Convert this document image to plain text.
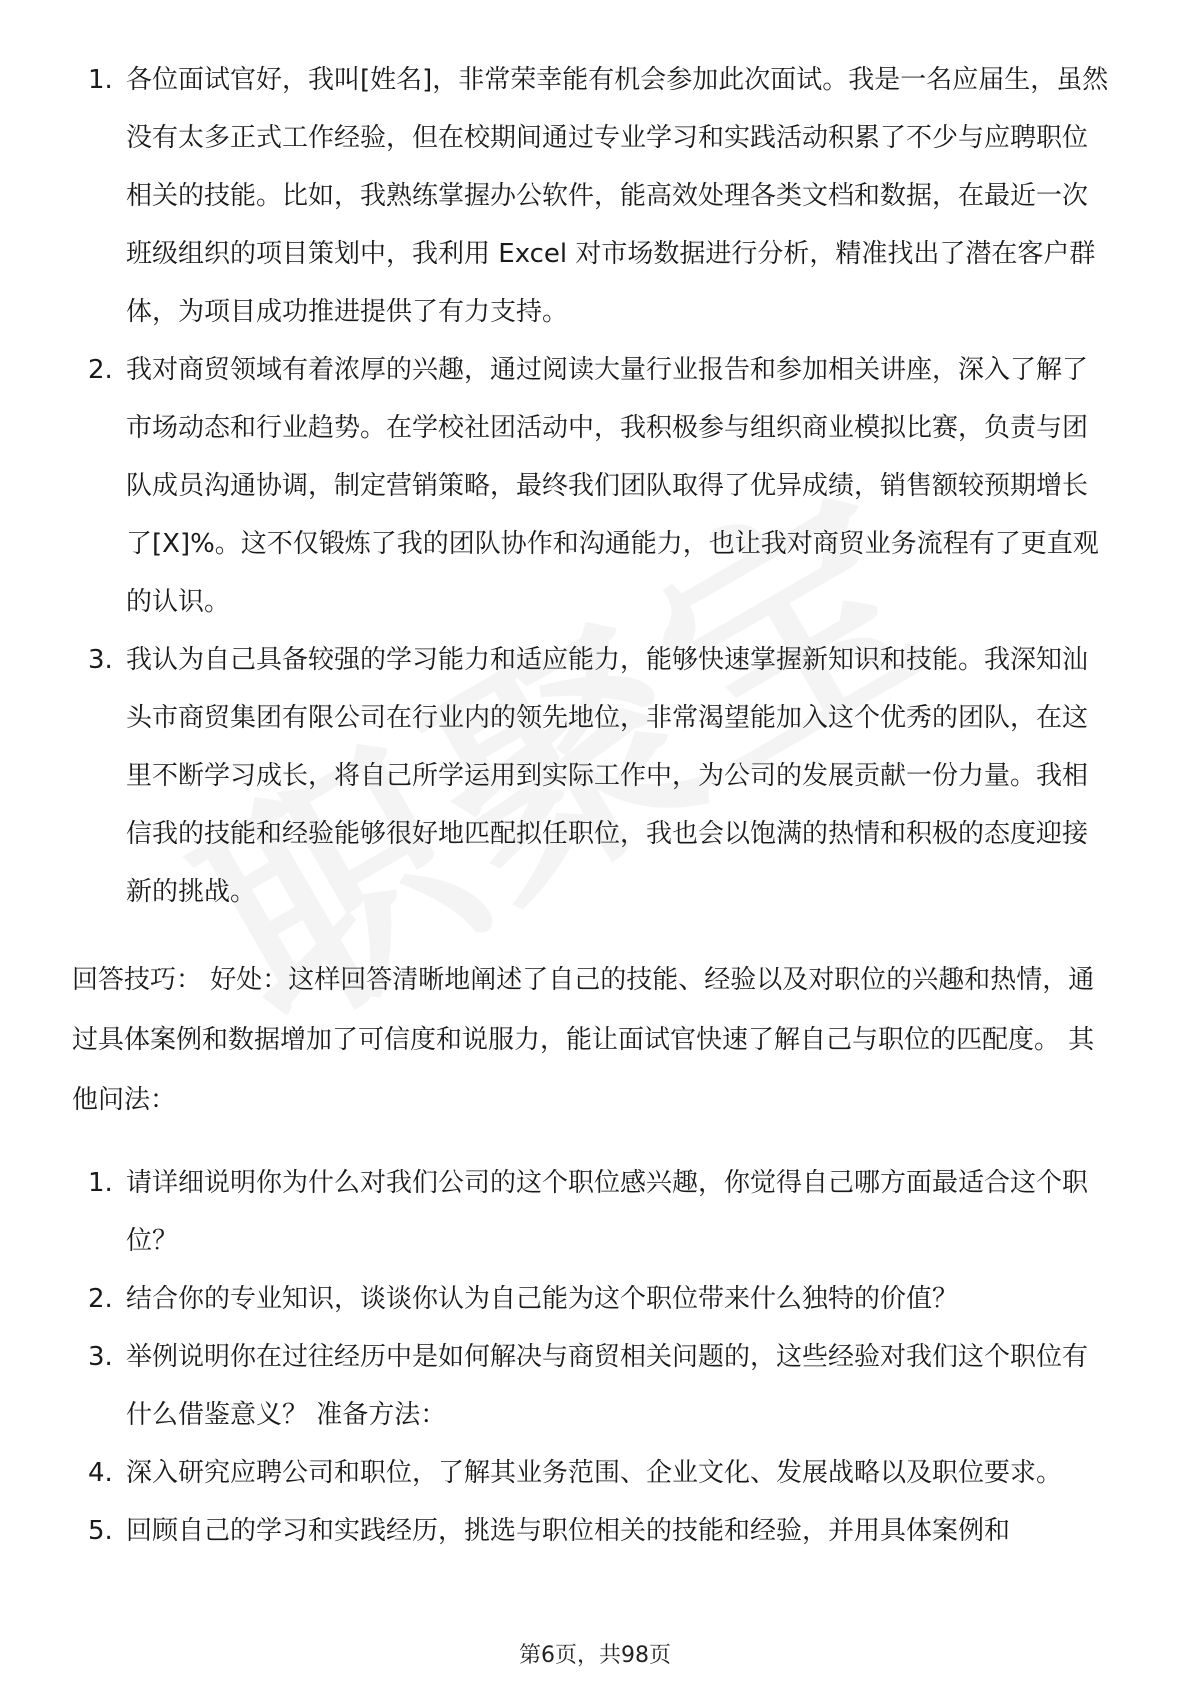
1. 各位面试官好，我叫[姓名]，非常荣幸能有机会参加此次面试。我是一名应届生，虽然没有太多正式工作经验，但在校期间通过专业学习和实践活动积累了不少与应聘职位相关的技能。比如，我熟练掌握办公软件，能高效处理各类文档和数据，在最近一次班级组织的项目策划中，我利用 Excel 对市场数据进行分析，精准找出了潜在客户群体，为项目成功推进提供了有力支持。
2. 我对商贸领域有着浓厚的兴趣，通过阅读大量行业报告和参加相关讲座，深入了解了市场动态和行业趋势。在学校社团活动中，我积极参与组织商业模拟比赛，负责与团队成员沟通协调，制定营销策略，最终我们团队取得了优异成绩，销售额较预期增长了[X]%。这不仅锻炼了我的团队协作和沟通能力，也让我对商贸业务流程有了更直观的认识。
3. 我认为自己具备较强的学习能力和适应能力，能够快速掌握新知识和技能。我深知汕头市商贸集团有限公司在行业内的领先地位，非常渴望能加入这个优秀的团队，在这里不断学习成长，将自己所学运用到实际工作中，为公司的发展贡献一份力量。我相信我的技能和经验能够很好地匹配拟任职位，我也会以饱满的热情和积极的态度迎接新的挑战。

回答技巧： 好处：这样回答清晰地阐述了自己的技能、经验以及对职位的兴趣和热情，通过具体案例和数据增加了可信度和说服力，能让面试官快速了解自己与职位的匹配度。 其他问法：

1. 请详细说明你为什么对我们公司的这个职位感兴趣，你觉得自己哪方面最适合这个职位？
2. 结合你的专业知识，谈谈你认为自己能为这个职位带来什么独特的价值？
3. 举例说明你在过往经历中是如何解决与商贸相关问题的，这些经验对我们这个职位有什么借鉴意义？ 准备方法：
4. 深入研究应聘公司和职位，了解其业务范围、企业文化、发展战略以及职位要求。
5. 回顾自己的学习和实践经历，挑选与职位相关的技能和经验，并用具体案例和
第6页，共98页
